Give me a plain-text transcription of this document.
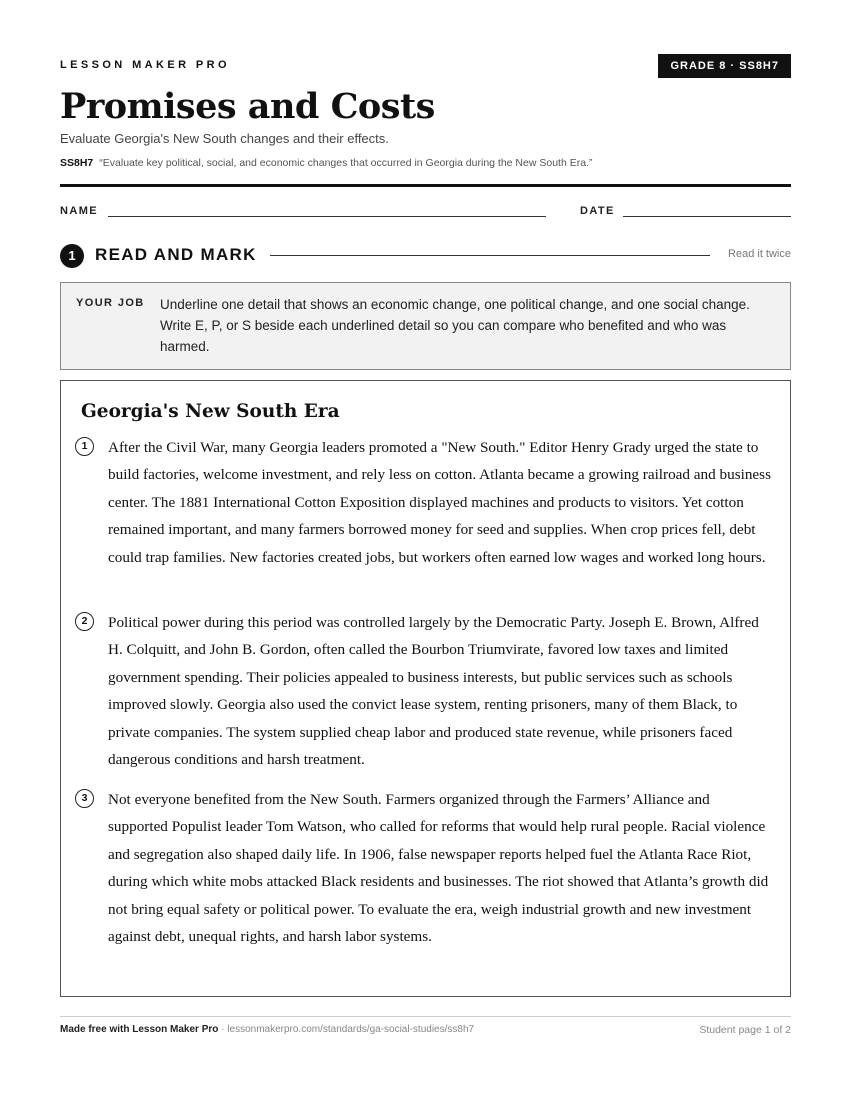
LESSON MAKER PRO	GRADE 8 · SS8H7
Promises and Costs
Evaluate Georgia's New South changes and their effects.
SS8H7 “Evaluate key political, social, and economic changes that occurred in Georgia during the New South Era.”
NAME	DATE
1	READ AND MARK	Read it twice
YOUR JOB Underline one detail that shows an economic change, one political change, and one social change. Write E, P, or S beside each underlined detail so you can compare who benefited and who was harmed.
Georgia's New South Era
1	After the Civil War, many Georgia leaders promoted a "New South." Editor Henry Grady urged the state to build factories, welcome investment, and rely less on cotton. Atlanta became a growing railroad and business center. The 1881 International Cotton Exposition displayed machines and products to visitors. Yet cotton remained important, and many farmers borrowed money for seed and supplies. When crop prices fell, debt could trap families. New factories created jobs, but workers often earned low wages and worked long hours.
2	Political power during this period was controlled largely by the Democratic Party. Joseph E. Brown, Alfred H. Colquitt, and John B. Gordon, often called the Bourbon Triumvirate, favored low taxes and limited government spending. Their policies appealed to business interests, but public services such as schools improved slowly. Georgia also used the convict lease system, renting prisoners, many of them Black, to private companies. The system supplied cheap labor and produced state revenue, while prisoners faced dangerous conditions and harsh treatment.
3	Not everyone benefited from the New South. Farmers organized through the Farmers’ Alliance and supported Populist leader Tom Watson, who called for reforms that would help rural people. Racial violence and segregation also shaped daily life. In 1906, false newspaper reports helped fuel the Atlanta Race Riot, during which white mobs attacked Black residents and businesses. The riot showed that Atlanta’s growth did not bring equal safety or political power. To evaluate the era, weigh industrial growth and new investment against debt, unequal rights, and harsh labor systems.
Made free with Lesson Maker Pro · lessonmakerpro.com/standards/ga-social-studies/ss8h7	Student page 1 of 2
